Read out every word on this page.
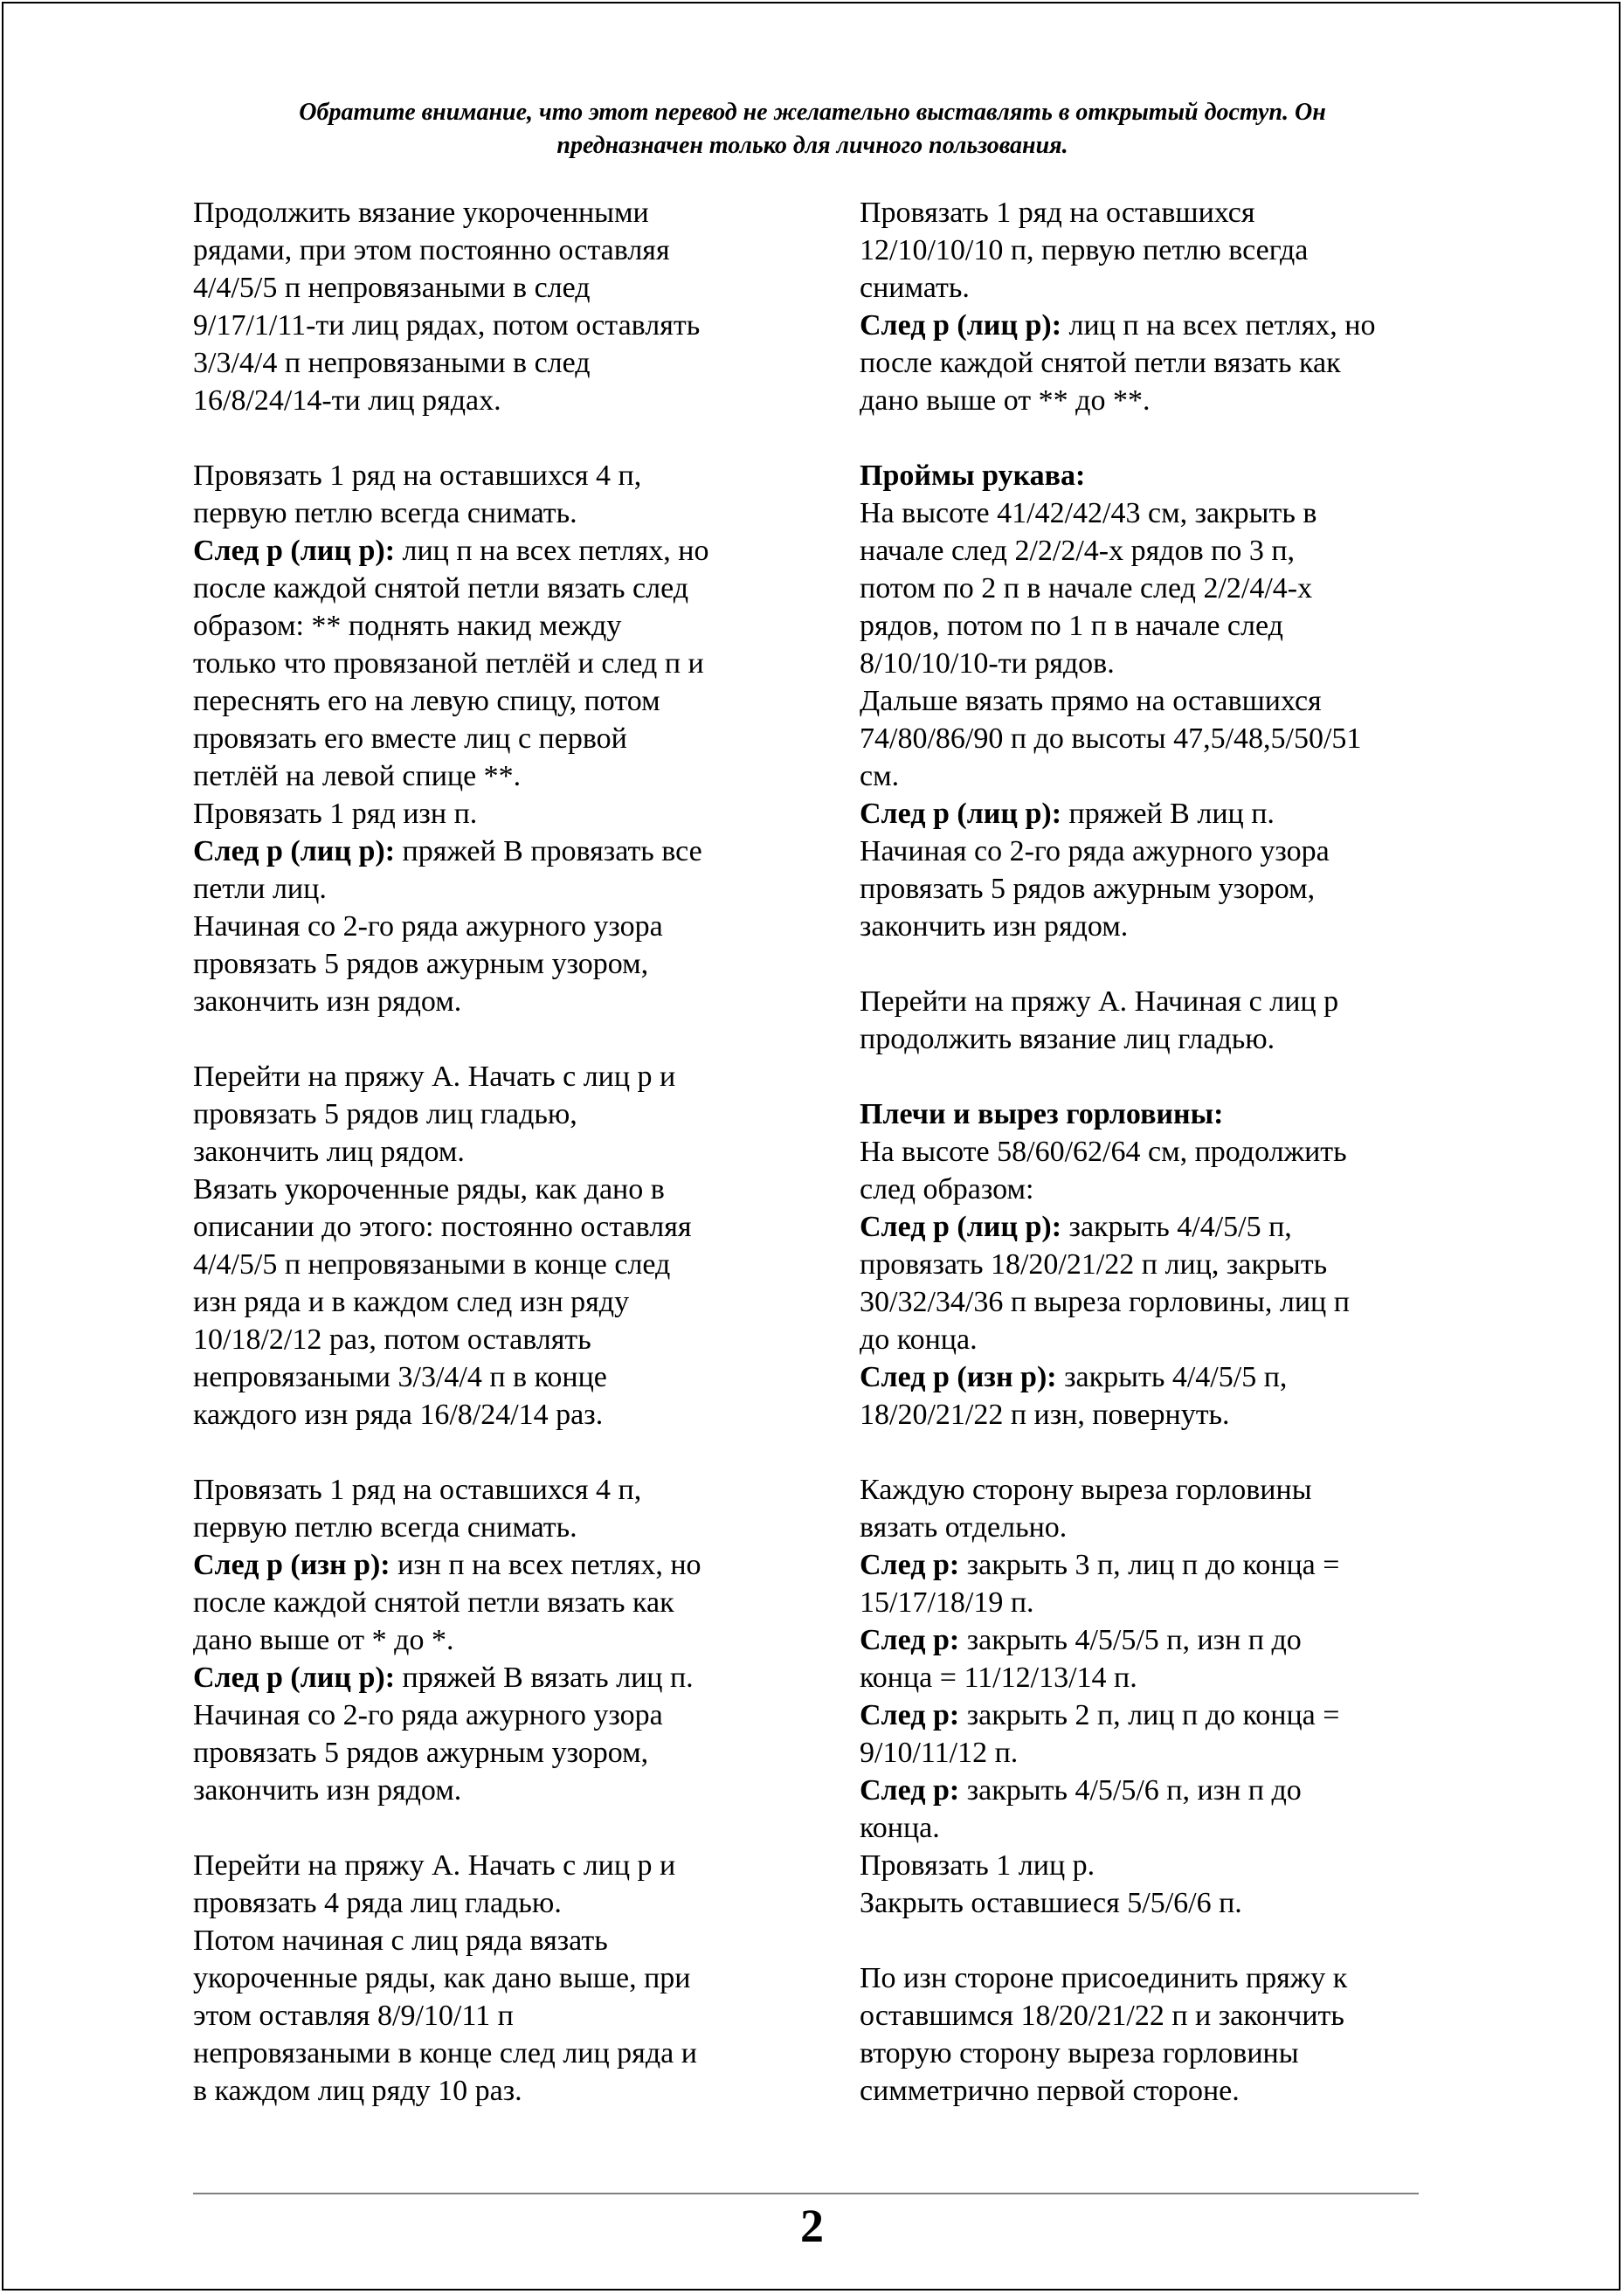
Обратите внимание, что этот перевод не желательно выставлять в открытый доступ. Он
предназначен только для личного пользования.
Продолжить вязание укороченными
рядами, при этом постоянно оставляя
4/4/5/5 п непровязаными в след
9/17/1/11-ти лиц рядах, потом оставлять
3/3/4/4 п непровязаными в след
16/8/24/14-ти лиц рядах.
Провязать 1 ряд на оставшихся 4 п,
первую петлю всегда снимать.
След р (лиц р): лиц п на всех петлях, но
после каждой снятой петли вязать след
образом: ** поднять накид между
только что провязаной петлёй и след п и
переснять его на левую спицу, потом
провязать его вместе лиц с первой
петлёй на левой спице **.
Провязать 1 ряд изн п.
След р (лиц р): пряжей В провязать все
петли лиц.
Начиная со 2-го ряда ажурного узора
провязать 5 рядов ажурным узором,
закончить изн рядом.
Перейти на пряжу А. Начать с лиц р и
провязать 5 рядов лиц гладью,
закончить лиц рядом.
Вязать укороченные ряды, как дано в
описании до этого: постоянно оставляя
4/4/5/5 п непровязаными в конце след
изн ряда и в каждом след изн ряду
10/18/2/12 раз, потом оставлять
непровязаными 3/3/4/4 п в конце
каждого изн ряда 16/8/24/14 раз.
Провязать 1 ряд на оставшихся 4 п,
первую петлю всегда снимать.
След р (изн р): изн п на всех петлях, но
после каждой снятой петли вязать как
дано выше от * до *.
След р (лиц р): пряжей В вязать лиц п.
Начиная со 2-го ряда ажурного узора
провязать 5 рядов ажурным узором,
закончить изн рядом.
Перейти на пряжу А. Начать с лиц р и
провязать 4 ряда лиц гладью.
Потом начиная с лиц ряда вязать
укороченные ряды, как дано выше, при
этом оставляя 8/9/10/11 п
непровязаными в конце след лиц ряда и
в каждом лиц ряду 10 раз.
Провязать 1 ряд на оставшихся
12/10/10/10 п, первую петлю всегда
снимать.
След р (лиц р): лиц п на всех петлях, но
после каждой снятой петли вязать как
дано выше от ** до **.
Проймы рукава:
На высоте 41/42/42/43 см, закрыть в
начале след 2/2/2/4-х рядов по 3 п,
потом по 2 п в начале след 2/2/4/4-х
рядов, потом по 1 п в начале след
8/10/10/10-ти рядов.
Дальше вязать прямо на оставшихся
74/80/86/90 п до высоты 47,5/48,5/50/51
см.
След р (лиц р): пряжей В лиц п.
Начиная со 2-го ряда ажурного узора
провязать 5 рядов ажурным узором,
закончить изн рядом.
Перейти на пряжу А. Начиная с лиц р
продолжить вязание лиц гладью.
Плечи и вырез горловины:
На высоте 58/60/62/64 см, продолжить
след образом:
След р (лиц р): закрыть 4/4/5/5 п,
провязать 18/20/21/22 п лиц, закрыть
30/32/34/36 п выреза горловины, лиц п
до конца.
След р (изн р): закрыть 4/4/5/5 п,
18/20/21/22 п изн, повернуть.
Каждую сторону выреза горловины
вязать отдельно.
След р: закрыть 3 п, лиц п до конца =
15/17/18/19 п.
След р: закрыть 4/5/5/5 п, изн п до
конца = 11/12/13/14 п.
След р: закрыть 2 п, лиц п до конца =
9/10/11/12 п.
След р: закрыть 4/5/5/6 п, изн п до
конца.
Провязать 1 лиц р.
Закрыть оставшиеся 5/5/6/6 п.
По изн стороне присоединить пряжу к
оставшимся 18/20/21/22 п и закончить
вторую сторону выреза горловины
симметрично первой стороне.
2
